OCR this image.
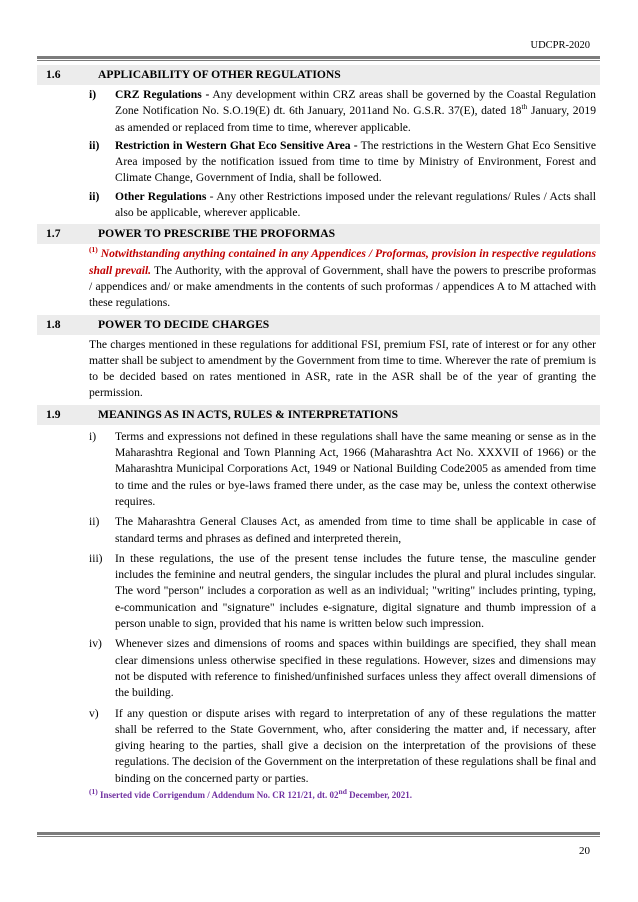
UDCPR-2020
1.6	APPLICABILITY OF OTHER REGULATIONS
i)	CRZ Regulations - Any development within CRZ areas shall be governed by the Coastal Regulation Zone Notification No. S.O.19(E) dt. 6th January, 2011and No. G.S.R. 37(E), dated 18th January, 2019 as amended or replaced from time to time, wherever applicable.
ii)	Restriction in Western Ghat Eco Sensitive Area - The restrictions in the Western Ghat Eco Sensitive Area imposed by the notification issued from time to time by Ministry of Environment, Forest and Climate Change, Government of India, shall be followed.
ii)	Other Regulations - Any other Restrictions imposed under the relevant regulations/ Rules / Acts shall also be applicable, wherever applicable.
1.7	POWER TO PRESCRIBE THE PROFORMAS
$^{(1)}$ Notwithstanding anything contained in any Appendices / Proformas, provision in respective regulations shall prevail. The Authority, with the approval of Government, shall have the powers to prescribe proformas / appendices and/ or make amendments in the contents of such proformas / appendices A to M attached with these regulations.
1.8	POWER TO DECIDE CHARGES
The charges mentioned in these regulations for additional FSI, premium FSI, rate of interest or for any other matter shall be subject to amendment by the Government from time to time. Wherever the rate of premium is to be decided based on rates mentioned in ASR, rate in the ASR shall be of the year of granting the permission.
1.9	MEANINGS AS IN ACTS, RULES & INTERPRETATIONS
i)	Terms and expressions not defined in these regulations shall have the same meaning or sense as in the Maharashtra Regional and Town Planning Act, 1966 (Maharashtra Act No. XXXVII of 1966) or the Maharashtra Municipal Corporations Act, 1949 or National Building Code2005 as amended from time to time and the rules or bye-laws framed there under, as the case may be, unless the context otherwise requires.
ii)	The Maharashtra General Clauses Act, as amended from time to time shall be applicable in case of standard terms and phrases as defined and interpreted therein,
iii)	In these regulations, the use of the present tense includes the future tense, the masculine gender includes the feminine and neutral genders, the singular includes the plural and plural includes singular. The word "person" includes a corporation as well as an individual; "writing" includes printing, typing, e-communication and "signature" includes e-signature, digital signature and thumb impression of a person unable to sign, provided that his name is written below such impression.
iv)	Whenever sizes and dimensions of rooms and spaces within buildings are specified, they shall mean clear dimensions unless otherwise specified in these regulations. However, sizes and dimensions may not be disputed with reference to finished/unfinished surfaces unless they affect overall dimensions of the building.
v)	If any question or dispute arises with regard to interpretation of any of these regulations the matter shall be referred to the State Government, who, after considering the matter and, if necessary, after giving hearing to the parties, shall give a decision on the interpretation of the provisions of these regulations. The decision of the Government on the interpretation of these regulations shall be final and binding on the concerned party or parties.
$^{(1)}$ Inserted vide Corrigendum / Addendum No. CR 121/21, dt. 02nd December, 2021.
20
